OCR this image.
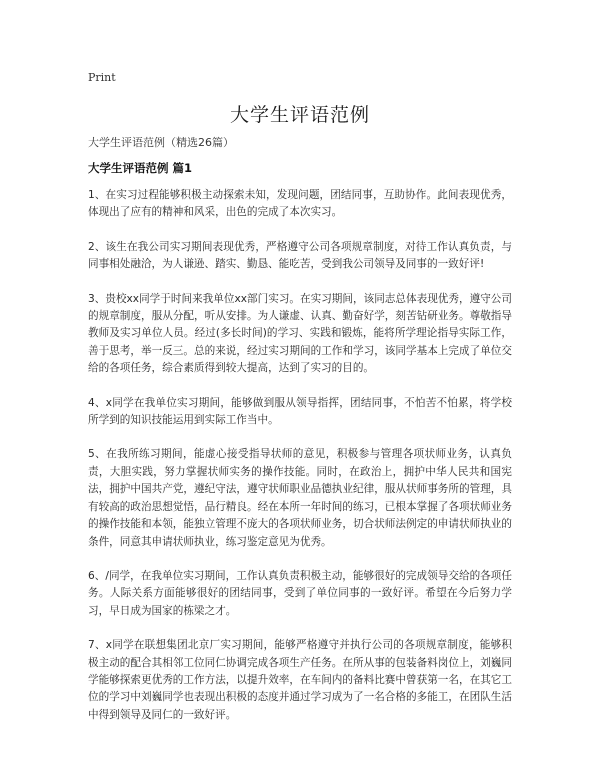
Print
大学生评语范例
大学生评语范例（精选26篇）
大学生评语范例 篇1

1、在实习过程能够积极主动探索未知，发现问题，团结同事，互助协作。此间表现优秀，体现出了应有的精神和风采，出色的完成了本次实习。

2、该生在我公司实习期间表现优秀，严格遵守公司各项规章制度，对待工作认真负责，与同事相处融洽，为人谦逊、踏实、勤恳、能吃苦，受到我公司领导及同事的一致好评!

3、贵校xx同学于时间来我单位xx部门实习。在实习期间，该同志总体表现优秀，遵守公司的规章制度，服从分配，听从安排。为人谦虚、认真、勤奋好学，刻苦钻研业务。尊敬指导教师及实习单位人员。经过(多长时间)的学习、实践和锻炼，能将所学理论指导实际工作，善于思考，举一反三。总的来说，经过实习期间的工作和学习，该同学基本上完成了单位交给的各项任务，综合素质得到较大提高，达到了实习的目的。

4、x同学在我单位实习期间，能够做到服从领导指挥，团结同事，不怕苦不怕累，将学校所学到的知识技能运用到实际工作当中。

5、在我所练习期间，能虚心接受指导状师的意见，积极参与管理各项状师业务，认真负责，大胆实践，努力掌握状师实务的操作技能。同时，在政治上，拥护中华人民共和国宪法，拥护中国共产党，遵纪守法，遵守状师职业品德执业纪律，服从状师事务所的管理，具有较高的政治思想觉悟，品行精良。经在本所一年时间的练习，已根本掌握了各项状师业务的操作技能和本领，能独立管理不庞大的各项状师业务，切合状师法例定的申请状师执业的条件，同意其申请状师执业，练习鉴定意见为优秀。

6、/同学，在我单位实习期间，工作认真负责积极主动，能够很好的完成领导交给的各项任务。人际关系方面能够很好的团结同事，受到了单位同事的一致好评。希望在今后努力学习，早日成为国家的栋梁之才。

7、x同学在联想集团北京厂实习期间，能够严格遵守并执行公司的各项规章制度，能够积极主动的配合其相邻工位同仁协调完成各项生产任务。在所从事的包装备料岗位上，刘巍同学能够探索更优秀的工作方法，以提升效率，在车间内的备料比赛中曾获第一名，在其它工位的学习中刘巍同学也表现出积极的态度并通过学习成为了一名合格的多能工，在团队生活中得到领导及同仁的一致好评。
